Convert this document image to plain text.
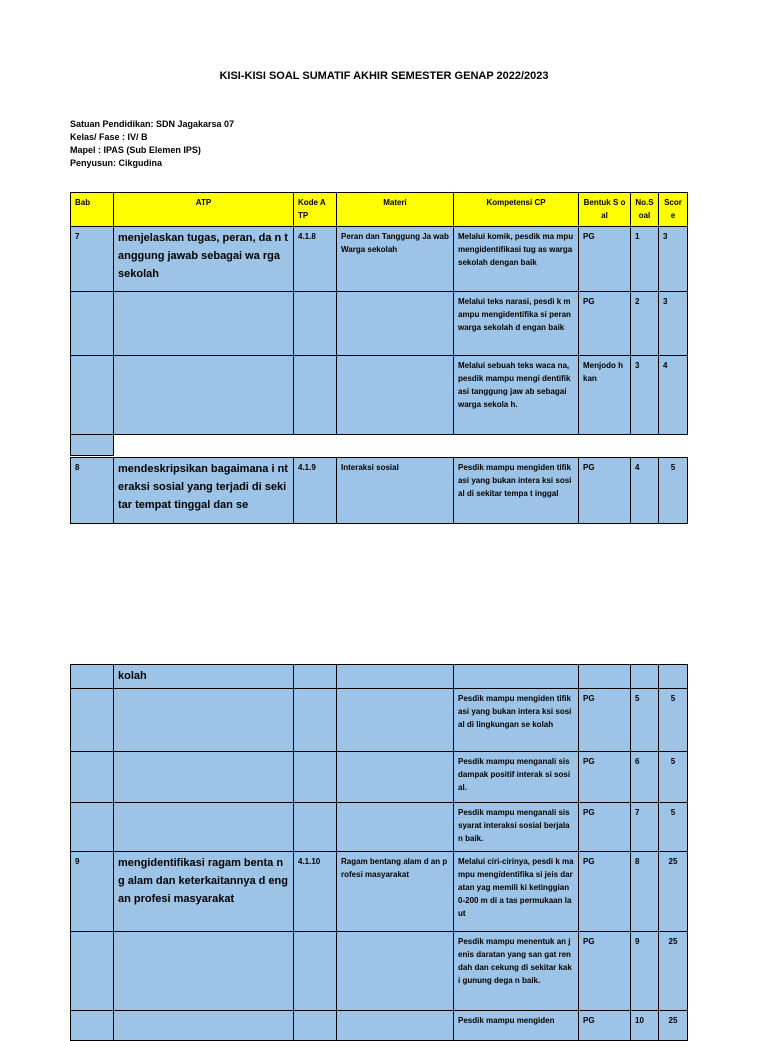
KISI-KISI SOAL SUMATIF AKHIR SEMESTER GENAP 2022/2023
Satuan Pendidikan: SDN Jagakarsa 07
Kelas/ Fase : IV/ B
Mapel : IPAS (Sub Elemen IPS)
Penyusun: Cikgudina
Bab	ATP	Kode A TP	Materi	Kompetensi CP	Bentuk S oal	No.S oal	Scor e
7	menjelaskan tugas, peran, da n tanggung jawab sebagai wa rga sekolah	4.1.8	Peran dan Tanggung Ja wab Warga sekolah	Melalui komik, pesdik ma mpu mengidentifikasi tug as warga sekolah dengan baik	PG	1	3
				Melalui teks narasi, pesdi k mampu mengidentifika si peran warga sekolah d engan baik	PG	2	3
				Melalui sebuah teks waca na, pesdik mampu mengi dentifikasi tanggung jaw ab sebagai warga sekola h.	Menjodo hkan	3	4

8	mendeskripsikan bagaimana i nteraksi sosial yang terjadi di sekitar tempat tinggal dan se	4.1.9	Interaksi sosial	Pesdik mampu mengiden tifikasi yang bukan intera ksi sosial di sekitar tempa t inggal	PG	4	5
	kolah						
				Pesdik mampu mengiden tifikasi yang bukan intera ksi sosial di lingkungan se kolah	PG	5	5
				Pesdik mampu menganali sis dampak positif interak si sosial.	PG	6	5
				Pesdik mampu menganali sis syarat interaksi sosial berjalan baik.	PG	7	5
9	mengidentifikasi ragam benta ng alam dan keterkaitannya d engan profesi masyarakat	4.1.10	Ragam bentang alam d an profesi masyarakat	Melalui ciri-cirinya, pesdi k mampu mengidentifika si jeis daratan yag memili ki ketinggian 0-200 m di a tas permukaan laut	PG	8	25
				Pesdik mampu menentuk an jenis daratan yang san gat rendah dan cekung di sekitar kaki gunung dega n baik.	PG	9	25
				Pesdik mampu mengiden	PG	10	25
